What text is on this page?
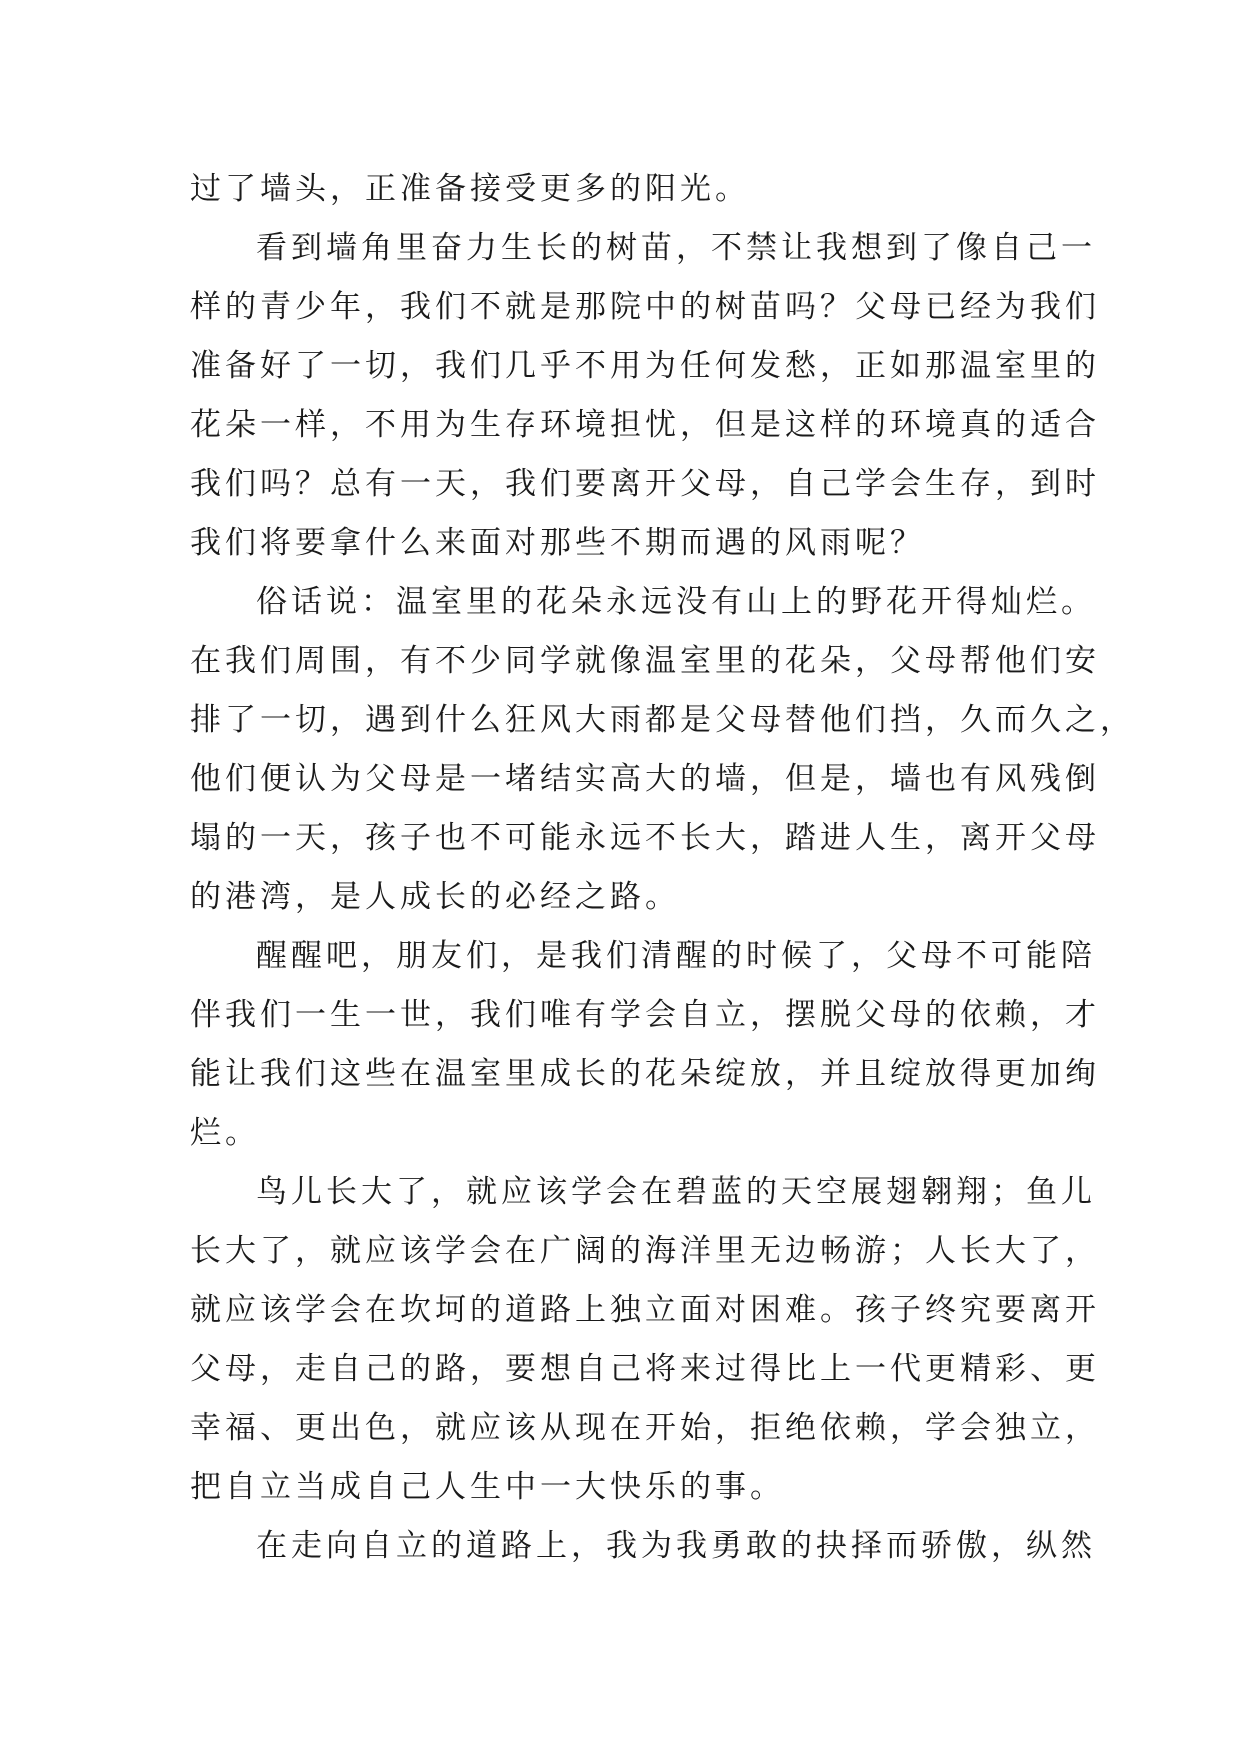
过了墙头，正准备接受更多的阳光。
看到墙角里奋力生长的树苗，不禁让我想到了像自己一
样的青少年，我们不就是那院中的树苗吗？父母已经为我们
准备好了一切，我们几乎不用为任何发愁，正如那温室里的
花朵一样，不用为生存环境担忧，但是这样的环境真的适合
我们吗？总有一天，我们要离开父母，自己学会生存，到时
我们将要拿什么来面对那些不期而遇的风雨呢？
俗话说：温室里的花朵永远没有山上的野花开得灿烂。
在我们周围，有不少同学就像温室里的花朵，父母帮他们安
排了一切，遇到什么狂风大雨都是父母替他们挡，久而久之，
他们便认为父母是一堵结实高大的墙，但是，墙也有风残倒
塌的一天，孩子也不可能永远不长大，踏进人生，离开父母
的港湾，是人成长的必经之路。
醒醒吧，朋友们，是我们清醒的时候了，父母不可能陪
伴我们一生一世，我们唯有学会自立，摆脱父母的依赖，才
能让我们这些在温室里成长的花朵绽放，并且绽放得更加绚
烂。
鸟儿长大了，就应该学会在碧蓝的天空展翅翱翔；鱼儿
长大了，就应该学会在广阔的海洋里无边畅游；人长大了，
就应该学会在坎坷的道路上独立面对困难。孩子终究要离开
父母，走自己的路，要想自己将来过得比上一代更精彩、更
幸福、更出色，就应该从现在开始，拒绝依赖，学会独立，
把自立当成自己人生中一大快乐的事。
在走向自立的道路上，我为我勇敢的抉择而骄傲，纵然
